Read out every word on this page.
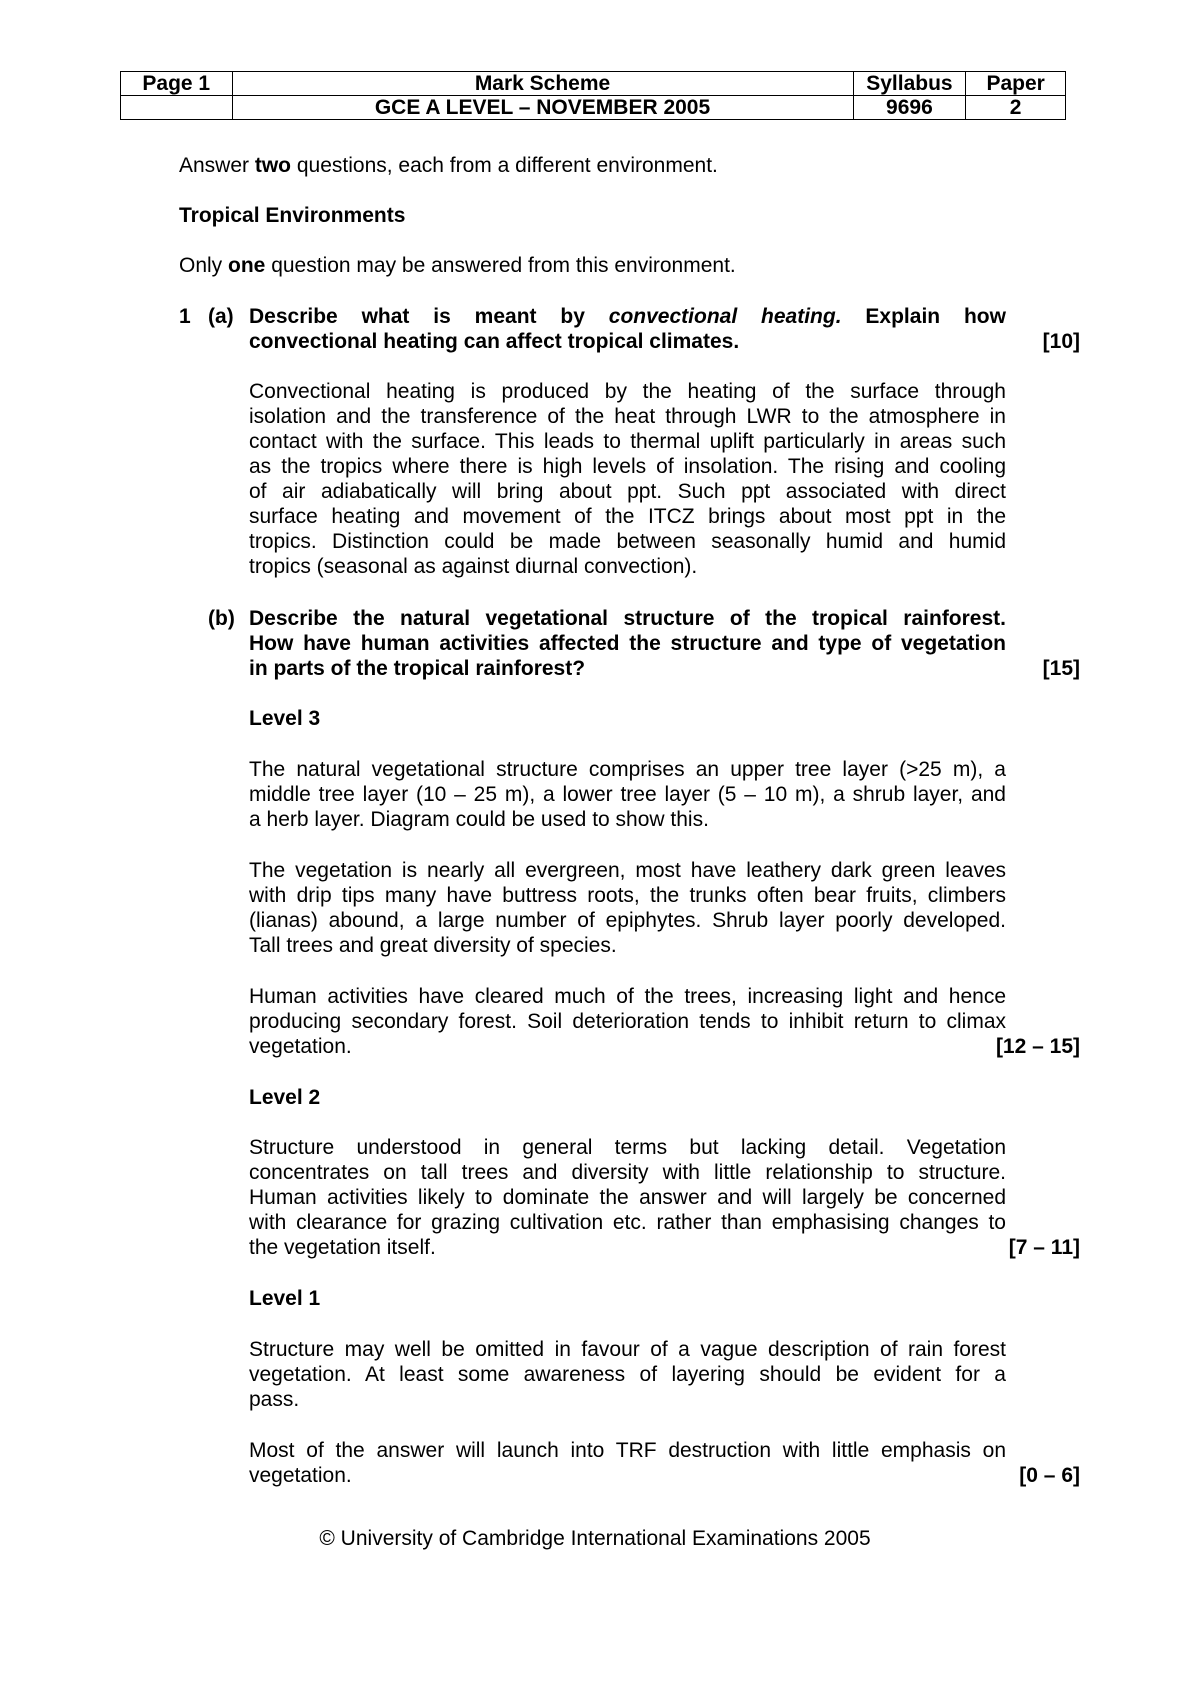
Page 1	Mark Scheme	Syllabus	Paper
	GCE A LEVEL – NOVEMBER 2005	9696	2
Answer two questions, each from a different environment.
Tropical Environments
Only one question may be answered from this environment.
1 (a) Describe what is meant by convectional heating. Explain how
convectional heating can affect tropical climates.	[10]
Convectional heating is produced by the heating of the surface through
isolation and the transference of the heat through LWR to the atmosphere in
contact with the surface. This leads to thermal uplift particularly in areas such
as the tropics where there is high levels of insolation. The rising and cooling
of air adiabatically will bring about ppt. Such ppt associated with direct
surface heating and movement of the ITCZ brings about most ppt in the
tropics. Distinction could be made between seasonally humid and humid
tropics (seasonal as against diurnal convection).
(b) Describe the natural vegetational structure of the tropical rainforest.
How have human activities affected the structure and type of vegetation
in parts of the tropical rainforest?	[15]
Level 3
The natural vegetational structure comprises an upper tree layer (>25 m), a
middle tree layer (10 – 25 m), a lower tree layer (5 – 10 m), a shrub layer, and
a herb layer. Diagram could be used to show this.
The vegetation is nearly all evergreen, most have leathery dark green leaves
with drip tips many have buttress roots, the trunks often bear fruits, climbers
(lianas) abound, a large number of epiphytes. Shrub layer poorly developed.
Tall trees and great diversity of species.
Human activities have cleared much of the trees, increasing light and hence
producing secondary forest. Soil deterioration tends to inhibit return to climax
vegetation.	[12 – 15]
Level 2
Structure understood in general terms but lacking detail. Vegetation
concentrates on tall trees and diversity with little relationship to structure.
Human activities likely to dominate the answer and will largely be concerned
with clearance for grazing cultivation etc. rather than emphasising changes to
the vegetation itself.	[7 – 11]
Level 1
Structure may well be omitted in favour of a vague description of rain forest
vegetation. At least some awareness of layering should be evident for a
pass.
Most of the answer will launch into TRF destruction with little emphasis on
vegetation.	[0 – 6]
© University of Cambridge International Examinations 2005
